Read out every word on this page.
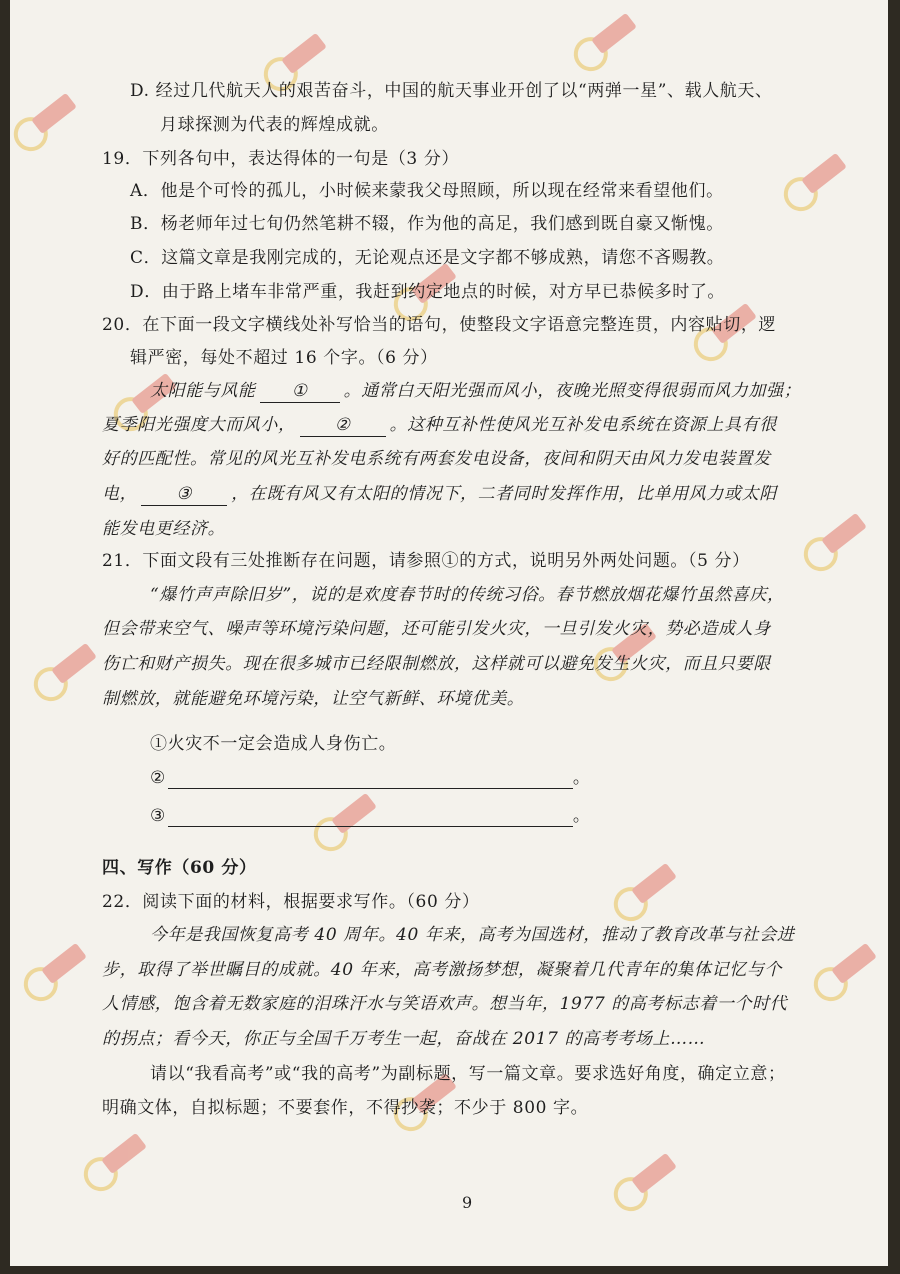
D. 经过几代航天人的艰苦奋斗，中国的航天事业开创了以“两弹一星”、载人航天、
月球探测为代表的辉煌成就。
19．下列各句中，表达得体的一句是（3 分）
A．他是个可怜的孤儿，小时候来蒙我父母照顾，所以现在经常来看望他们。
B．杨老师年过七旬仍然笔耕不辍，作为他的高足，我们感到既自豪又惭愧。
C．这篇文章是我刚完成的，无论观点还是文字都不够成熟，请您不吝赐教。
D．由于路上堵车非常严重，我赶到约定地点的时候，对方早已恭候多时了。
20．在下面一段文字横线处补写恰当的语句，使整段文字语意完整连贯，内容贴切，逻
辑严密，每处不超过 16 个字。（6 分）
太阳能与风能 ① 。通常白天阳光强而风小，夜晚光照变得很弱而风力加强；
夏季阳光强度大而风小， ② 。这种互补性使风光互补发电系统在资源上具有很
好的匹配性。常见的风光互补发电系统有两套发电设备，夜间和阴天由风力发电装置发
电， ③ ，在既有风又有太阳的情况下，二者同时发挥作用，比单用风力或太阳
能发电更经济。
21．下面文段有三处推断存在问题，请参照①的方式，说明另外两处问题。（5 分）
“爆竹声声除旧岁”，说的是欢度春节时的传统习俗。春节燃放烟花爆竹虽然喜庆，
但会带来空气、噪声等环境污染问题，还可能引发火灾，一旦引发火灾，势必造成人身
伤亡和财产损失。现在很多城市已经限制燃放，这样就可以避免发生火灾，而且只要限
制燃放，就能避免环境污染，让空气新鲜、环境优美。
①火灾不一定会造成人身伤亡。
②	。
③	。
四、写作（60 分）
22．阅读下面的材料，根据要求写作。（60 分）
今年是我国恢复高考 40 周年。40 年来，高考为国选材，推动了教育改革与社会进
步，取得了举世瞩目的成就。40 年来，高考激扬梦想，凝聚着几代青年的集体记忆与个
人情感，饱含着无数家庭的泪珠汗水与笑语欢声。想当年，1977 的高考标志着一个时代
的拐点；看今天，你正与全国千万考生一起，奋战在 2017 的高考考场上……
请以“我看高考”或“我的高考”为副标题，写一篇文章。要求选好角度，确定立意；
明确文体，自拟标题；不要套作，不得抄袭；不少于 800 字。
9
